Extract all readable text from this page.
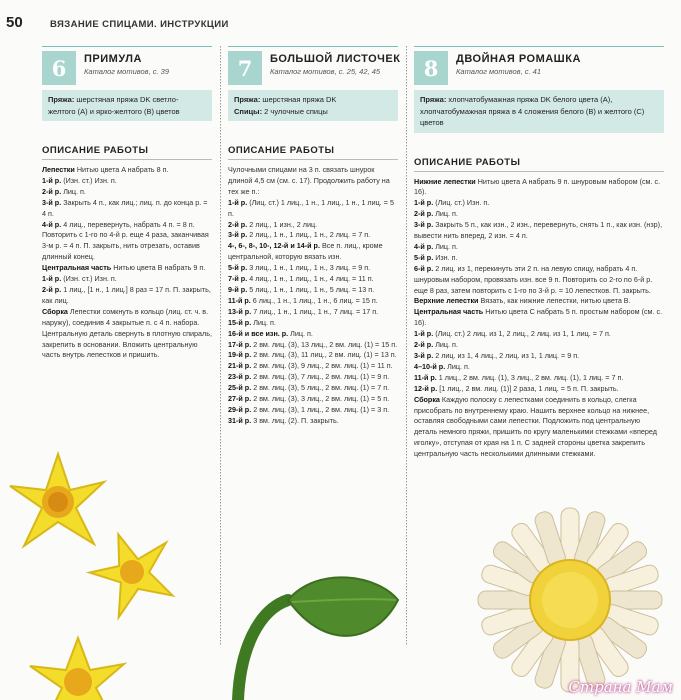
50	ВЯЗАНИЕ СПИЦАМИ. ИНСТРУКЦИИ
6	ПРИМУЛА
Каталог мотивов, с. 39
Пряжа: шерстяная пряжа DK светло-желтого (A) и ярко-желтого (B) цветов
ОПИСАНИЕ РАБОТЫ

Лепестки Нитью цвета A набрать 8 п.

1-й р. (Изн. ст.) Изн. п.

2-й р. Лиц. п.

3-й р. Закрыть 4 п., как лиц.; лиц. п. до конца р. = 4 п.

4-й р. 4 лиц., перевернуть, набрать 4 п. = 8 п. Повторить с 1-го по 4-й р. еще 4 раза, заканчивая 3-м р. = 4 п. П. закрыть, нить отрезать, оставив длинный конец.

Центральная часть Нитью цвета B набрать 9 п.

1-й р. (Изн. ст.) Изн. п.

2-й р. 1 лиц., [1 н., 1 лиц.] 8 раз = 17 п. П. закрыть, как лиц.

Сборка Лепестки сомкнуть в кольцо (лиц. ст. ч. в. наружу), соединив 4 закрытые п. с 4 п. набора. Центральную деталь свернуть в плотную спираль, закрепить в основании. Вложить центральную часть внутрь лепестков и пришить.

7	БОЛЬШОЙ ЛИСТОЧЕК
Каталог мотивов, с. 25, 42, 45
Пряжа: шерстяная пряжа DK
Спицы: 2 чулочные спицы
ОПИСАНИЕ РАБОТЫ

Чулочными спицами на 3 п. связать шнурок длиной 4,5 см (см. с. 17). Продолжить работу на тех же п.:

1-й р. (Лиц. ст.) 1 лиц., 1 н., 1 лиц., 1 н., 1 лиц. = 5 п.

2-й р. 2 лиц., 1 изн., 2 лиц.

3-й р. 2 лиц., 1 н., 1 лиц., 1 н., 2 лиц. = 7 п.

4-, 6-, 8-, 10-, 12-й и 14-й р. Все п. лиц., кроме центральной, которую вязать изн.

5-й р. 3 лиц., 1 н., 1 лиц., 1 н., 3 лиц. = 9 п.

7-й р. 4 лиц., 1 н., 1 лиц., 1 н., 4 лиц. = 11 п.

9-й р. 5 лиц., 1 н., 1 лиц., 1 н., 5 лиц. = 13 п.

11-й р. 6 лиц., 1 н., 1 лиц., 1 н., 6 лиц. = 15 п.

13-й р. 7 лиц., 1 н., 1 лиц., 1 н., 7 лиц. = 17 п.

15-й р. Лиц. п.

16-й и все изн. р. Лиц. п.

17-й р. 2 вм. лиц. (3), 13 лиц., 2 вм. лиц. (1) = 15 п.

19-й р. 2 вм. лиц. (3), 11 лиц., 2 вм. лиц. (1) = 13 п.

21-й р. 2 вм. лиц. (3), 9 лиц., 2 вм. лиц. (1) = 11 п.

23-й р. 2 вм. лиц. (3), 7 лиц., 2 вм. лиц. (1) = 9 п.

25-й р. 2 вм. лиц. (3), 5 лиц., 2 вм. лиц. (1) = 7 п.

27-й р. 2 вм. лиц. (3), 3 лиц., 2 вм. лиц. (1) = 5 п.

29-й р. 2 вм. лиц. (3), 1 лиц., 2 вм. лиц. (1) = 3 п.

31-й р. 3 вм. лиц. (2). П. закрыть.

8	ДВОЙНАЯ РОМАШКА
Каталог мотивов, с. 41
Пряжа: хлопчатобумажная пряжа DK белого цвета (A), хлопчатобумажная пряжа в 4 сложения белого (B) и желтого (C) цветов
ОПИСАНИЕ РАБОТЫ

Нижние лепестки Нитью цвета A набрать 9 п. шнуровым набором (см. с. 16).

1-й р. (Лиц. ст.) Изн. п.

2-й р. Лиц. п.

3-й р. Закрыть 5 п., как изн., 2 изн., перевернуть, снять 1 п., как изн. (нзр), вывести нить вперед, 2 изн. = 4 п.

4-й р. Лиц. п.

5-й р. Изн. п.

6-й р. 2 лиц. из 1, перекинуть эти 2 п. на левую спицу, набрать 4 п. шнуровым набором, провязать изн. все 9 п. Повторить со 2-го по 6-й р. еще 8 раз, затем повторить с 1-го по 3-й р. = 10 лепестков. П. закрыть.

Верхние лепестки Вязать, как нижние лепестки, нитью цвета B.

Центральная часть Нитью цвета C набрать 5 п. простым набором (см. с. 16).

1-й р. (Лиц. ст.) 2 лиц. из 1, 2 лиц., 2 лиц. из 1, 1 лиц. = 7 п.

2-й р. Лиц. п.

3-й р. 2 лиц. из 1, 4 лиц., 2 лиц. из 1, 1 лиц. = 9 п.

4–10-й р. Лиц. п.

11-й р. 1 лиц., 2 вм. лиц. (1), 3 лиц., 2 вм. лиц. (1), 1 лиц. = 7 п.

12-й р. [1 лиц., 2 вм. лиц. (1)] 2 раза, 1 лиц. = 5 п. П. закрыть.

Сборка Каждую полоску с лепестками соединить в кольцо, слегка присобрать по внутреннему краю. Нашить верхнее кольцо на нижнее, оставляя свободными сами лепестки. Подложить под центральную деталь немного пряжи, пришить по кругу маленькими стежками «вперед иголку», отступая от края на 1 п. С задней стороны цветка закрепить центральную часть несколькими длинными стежками.

Страна Мам
